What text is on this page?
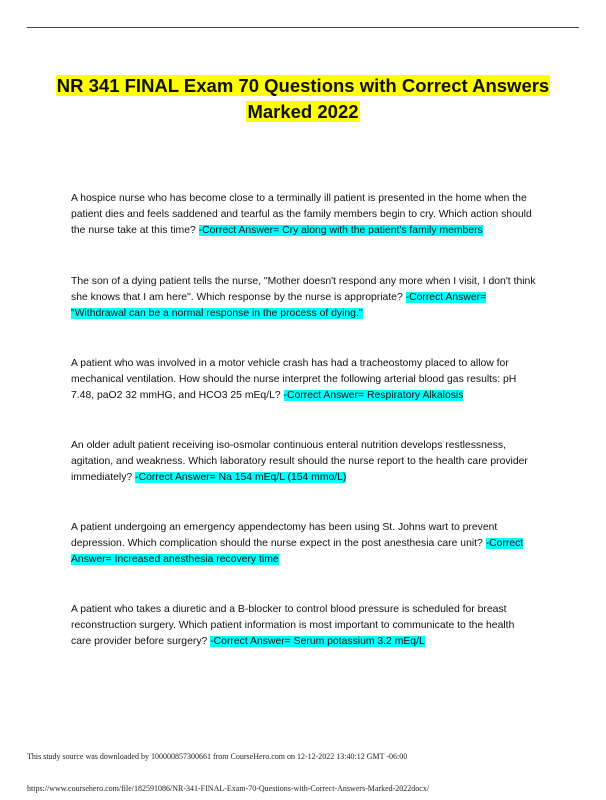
NR 341 FINAL Exam 70 Questions with Correct Answers
Marked 2022

A hospice nurse who has become close to a terminally ill patient is presented in the home when the patient dies and feels saddened and tearful as the family members begin to cry. Which action should the nurse take at this time? -Correct Answer= Cry along with the patient's family members

The son of a dying patient tells the nurse, "Mother doesn't respond any more when I visit, I don't think she knows that I am here". Which response by the nurse is appropriate? -Correct Answer= "Withdrawal can be a normal response in the process of dying."

A patient who was involved in a motor vehicle crash has had a tracheostomy placed to allow for mechanical ventilation. How should the nurse interpret the following arterial blood gas results: pH 7.48, paO2 32 mmHG, and HCO3 25 mEq/L? -Correct Answer= Respiratory Alkalosis

An older adult patient receiving iso-osmolar continuous enteral nutrition develops restlessness, agitation, and weakness. Which laboratory result should the nurse report to the health care provider immediately? -Correct Answer= Na 154 mEq/L (154 mmo/L)

A patient undergoing an emergency appendectomy has been using St. Johns wart to prevent depression. Which complication should the nurse expect in the post anesthesia care unit? -Correct Answer= Increased anesthesia recovery time

A patient who takes a diuretic and a B-blocker to control blood pressure is scheduled for breast reconstruction surgery. Which patient information is most important to communicate to the health care provider before surgery? -Correct Answer= Serum potassium 3.2 mEq/L

This study source was downloaded by 100000857300661 from CourseHero.com on 12-12-2022 13:40:12 GMT -06:00
https://www.coursehero.com/file/182591086/NR-341-FINAL-Exam-70-Questions-with-Correct-Answers-Marked-2022docx/
